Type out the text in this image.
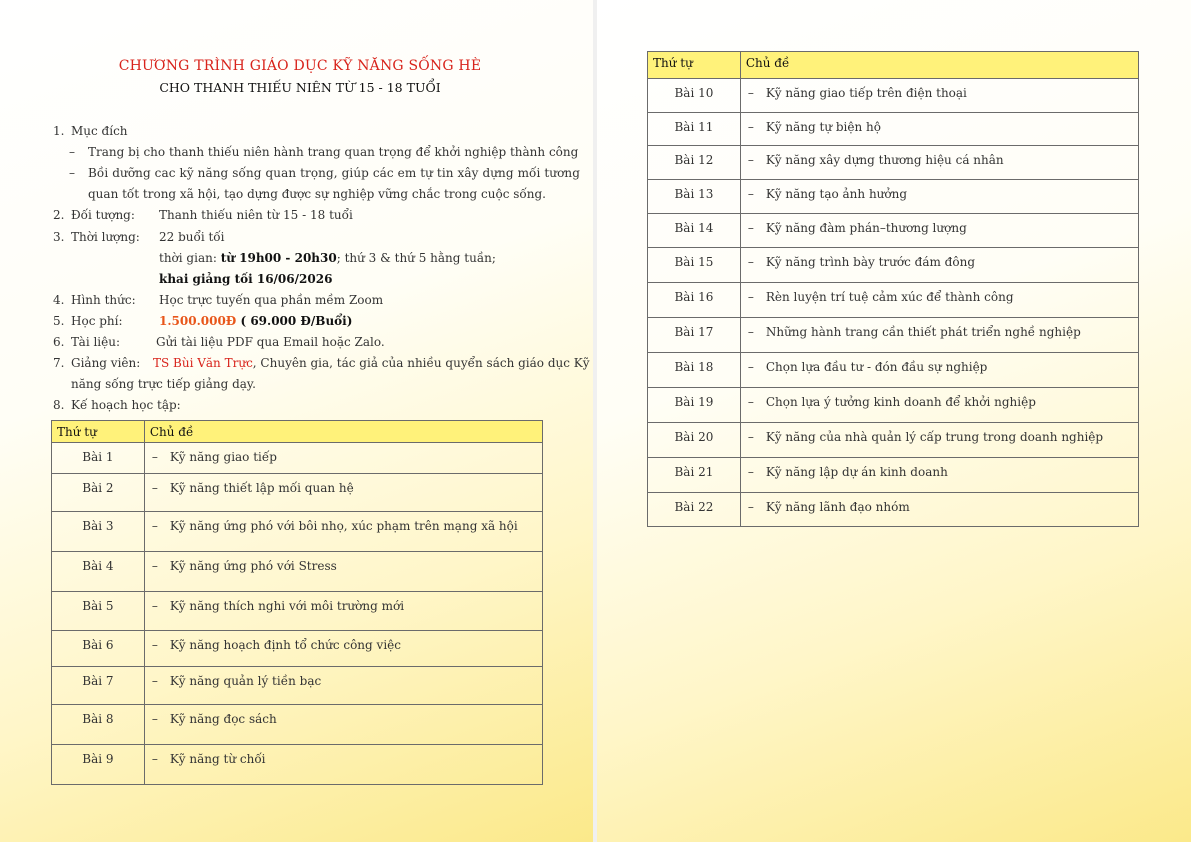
CHƯƠNG TRÌNH GIÁO DỤC KỸ NĂNG SỐNG HÈ
CHO THANH THIẾU NIÊN TỪ 15 - 18 TUỔI
1. Mục đích
– Trang bị cho thanh thiếu niên hành trang quan trọng để khởi nghiệp thành công
– Bồi dưỡng cac kỹ năng sống quan trọng, giúp các em tự tin xây dựng mối tương
quan tốt trong xã hội, tạo dựng được sự nghiệp vững chắc trong cuộc sống.
2. Đối tượng: Thanh thiếu niên từ 15 - 18 tuổi
3. Thời lượng: 22 buổi tối
thời gian: từ 19h00 - 20h30; thứ 3 & thứ 5 hằng tuần;
khai giảng tối 16/06/2026
4. Hình thức: Học trực tuyến qua phần mềm Zoom
5. Học phí:	1.500.000Đ ( 69.000 Đ/Buổi)
6. Tài liệu:	Gửi tài liệu PDF qua Email hoặc Zalo.
7. Giảng viên: TS Bùi Văn Trực, Chuyên gia, tác giả của nhiều quyển sách giáo dục Kỹ
năng sống trực tiếp giảng dạy.
8. Kế hoạch học tập:
Thứ tự	Chủ đề
Bài 1	– Kỹ năng giao tiếp
Bài 2	– Kỹ năng thiết lập mối quan hệ
Bài 3	– Kỹ năng ứng phó với bôi nhọ, xúc phạm trên mạng xã hội
Bài 4	– Kỹ năng ứng phó với Stress
Bài 5	– Kỹ năng thích nghi với môi trường mới
Bài 6	– Kỹ năng hoạch định tổ chức công việc
Bài 7	– Kỹ năng quản lý tiền bạc
Bài 8	– Kỹ năng đọc sách
Bài 9	– Kỹ năng từ chối
Thứ tự	Chủ đề
Bài 10	– Kỹ năng giao tiếp trên điện thoại
Bài 11	– Kỹ năng tự biện hộ
Bài 12	– Kỹ năng xây dựng thương hiệu cá nhân
Bài 13	– Kỹ năng tạo ảnh hưởng
Bài 14	– Kỹ năng đàm phán–thương lượng
Bài 15	– Kỹ năng trình bày trước đám đông
Bài 16	– Rèn luyện trí tuệ cảm xúc để thành công
Bài 17	– Những hành trang cần thiết phát triển nghề nghiệp
Bài 18	– Chọn lựa đầu tư - đón đầu sự nghiệp
Bài 19	– Chọn lựa ý tưởng kinh doanh để khởi nghiệp
Bài 20	– Kỹ năng của nhà quản lý cấp trung trong doanh nghiệp
Bài 21	– Kỹ năng lập dự án kinh doanh
Bài 22	– Kỹ năng lãnh đạo nhóm
